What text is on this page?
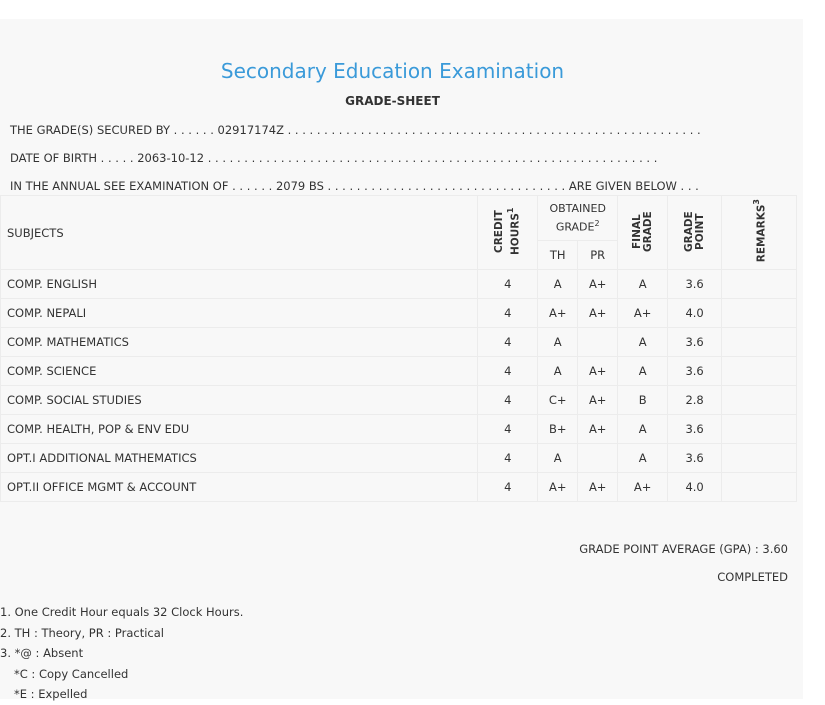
Secondary Education Examination
GRADE-SHEET
THE GRADE(S) SECURED BY . . . . . . 02917174Z . . . . . . . . . . . . . . . . . . . . . . . . . . . . . . . . . . . . . . . . . . . . . . . . . . . . . . . . .
DATE OF BIRTH . . . . . 2063-10-12 . . . . . . . . . . . . . . . . . . . . . . . . . . . . . . . . . . . . . . . . . . . . . . . . . . . . . . . . . . . . . .
IN THE ANNUAL SEE EXAMINATION OF . . . . . . 2079 BS . . . . . . . . . . . . . . . . . . . . . . . . . . . . . . . . . ARE GIVEN BELOW . . .
SUBJECTS	CREDIT HOURS$^1$	OBTAINED GRADE$^2$		FINAL GRADE	GRADE POINT	REMARKS$^3$
		TH	PR			
COMP. ENGLISH	4	A	A+	A	3.6	
COMP. NEPALI	4	A+	A+	A+	4.0	
COMP. MATHEMATICS	4	A		A	3.6	
COMP. SCIENCE	4	A	A+	A	3.6	
COMP. SOCIAL STUDIES	4	C+	A+	B	2.8	
COMP. HEALTH, POP & ENV EDU	4	B+	A+	A	3.6	
OPT.I ADDITIONAL MATHEMATICS	4	A		A	3.6	
OPT.II OFFICE MGMT & ACCOUNT	4	A+	A+	A+	4.0	
GRADE POINT AVERAGE (GPA) : 3.60
COMPLETED
1. One Credit Hour equals 32 Clock Hours.
2. TH : Theory, PR : Practical
3. *@ : Absent
*C : Copy Cancelled
*E : Expelled
